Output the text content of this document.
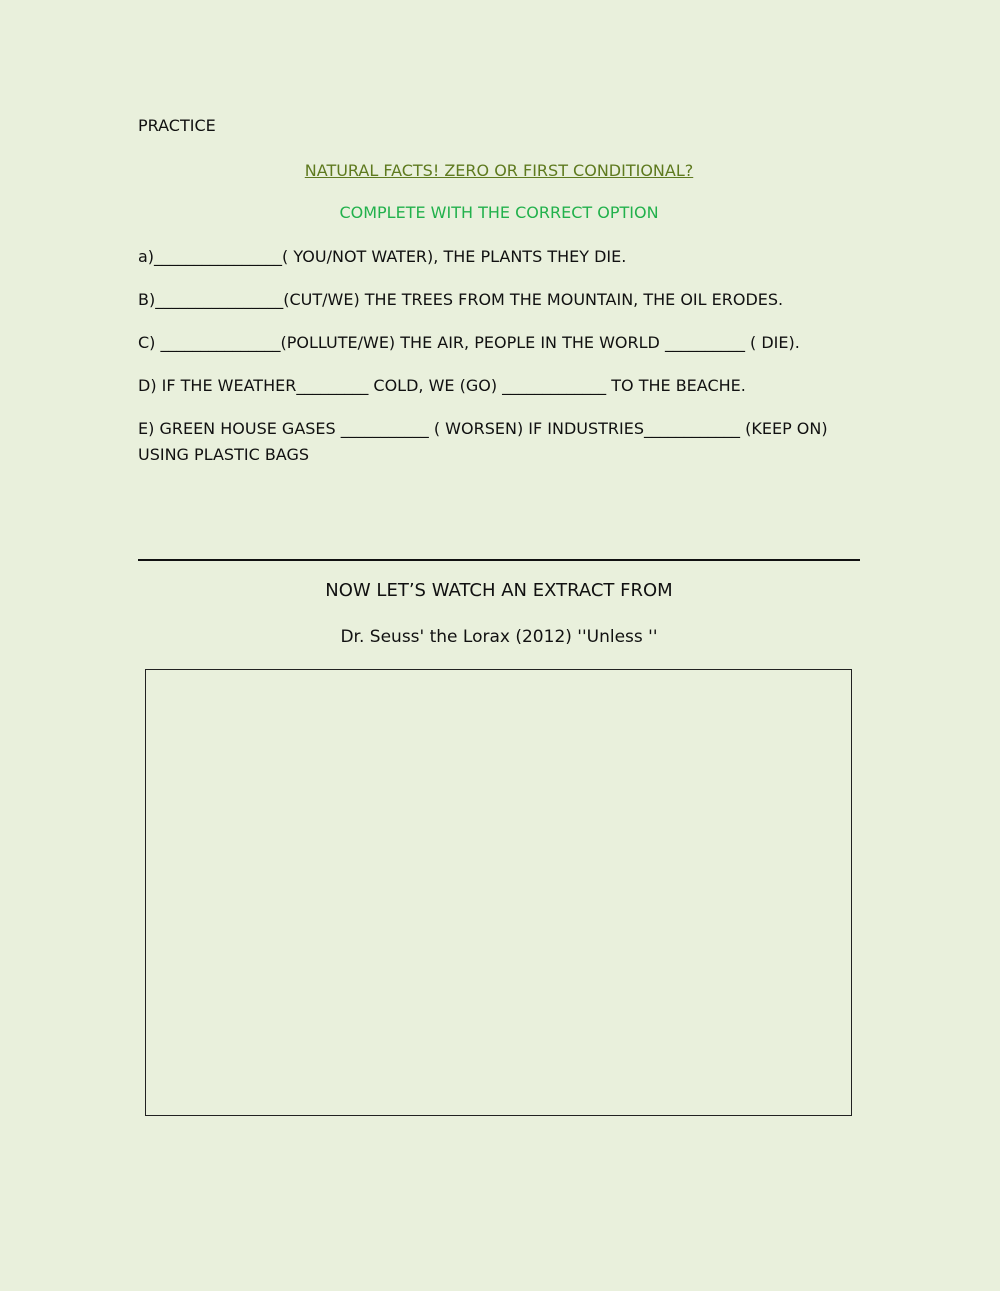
PRACTICE
NATURAL FACTS! ZERO OR FIRST CONDITIONAL?
COMPLETE WITH THE CORRECT OPTION
a)________________( YOU/NOT WATER), THE PLANTS THEY DIE.
B)________________(CUT/WE) THE TREES FROM THE MOUNTAIN, THE OIL ERODES.
C) _______________(POLLUTE/WE) THE AIR, PEOPLE IN THE WORLD __________ ( DIE).
D) IF THE WEATHER_________ COLD, WE (GO) _____________ TO THE BEACHE.
E) GREEN HOUSE GASES ___________ ( WORSEN) IF INDUSTRIES____________ (KEEP ON) USING PLASTIC BAGS
NOW LET’S WATCH AN EXTRACT FROM
Dr. Seuss' the Lorax (2012) ''Unless ''
